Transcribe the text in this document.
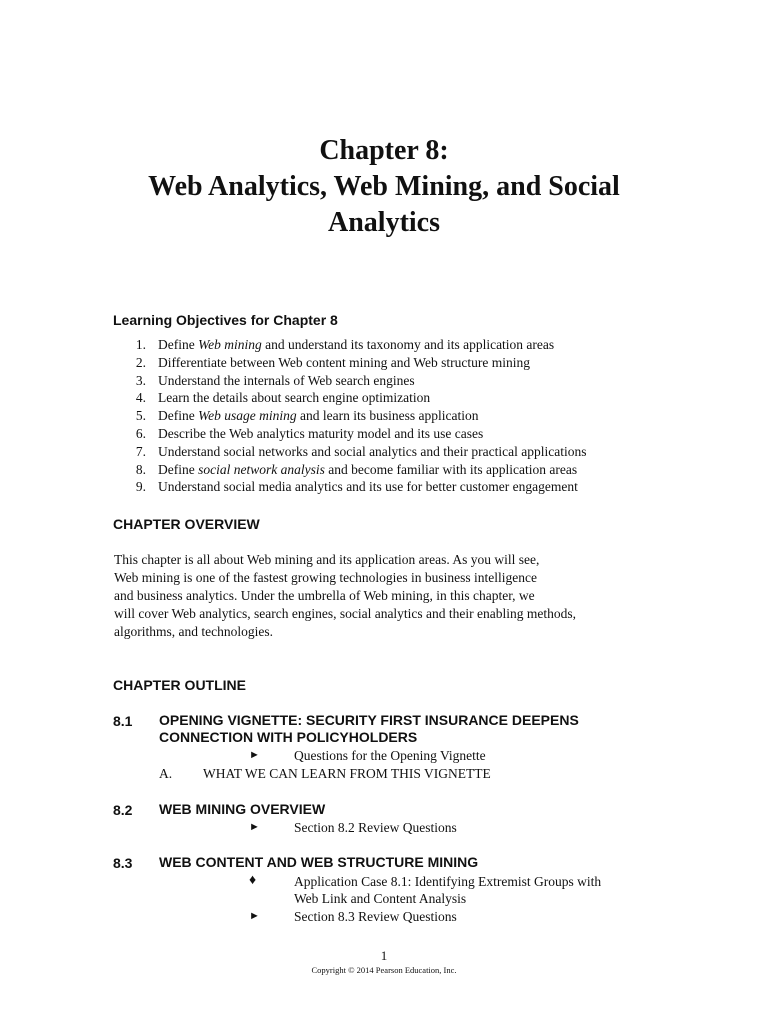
Chapter 8:
Web Analytics, Web Mining, and Social
Analytics
Learning Objectives for Chapter 8
1. Define Web mining and understand its taxonomy and its application areas
2. Differentiate between Web content mining and Web structure mining
3. Understand the internals of Web search engines
4. Learn the details about search engine optimization
5. Define Web usage mining and learn its business application
6. Describe the Web analytics maturity model and its use cases
7. Understand social networks and social analytics and their practical applications
8. Define social network analysis and become familiar with its application areas
9. Understand social media analytics and its use for better customer engagement
CHAPTER OVERVIEW
This chapter is all about Web mining and its application areas. As you will see,
Web mining is one of the fastest growing technologies in business intelligence
and business analytics. Under the umbrella of Web mining, in this chapter, we
will cover Web analytics, search engines, social analytics and their enabling methods,
algorithms, and technologies.
CHAPTER OUTLINE
8.1 OPENING VIGNETTE: SECURITY FIRST INSURANCE DEEPENS
CONNECTION WITH POLICYHOLDERS
►	Questions for the Opening Vignette
A. WHAT WE CAN LEARN FROM THIS VIGNETTE
8.2 WEB MINING OVERVIEW
►	Section 8.2 Review Questions
8.3 WEB CONTENT AND WEB STRUCTURE MINING
♦	Application Case 8.1: Identifying Extremist Groups with
Web Link and Content Analysis
►	Section 8.3 Review Questions
1
Copyright © 2014 Pearson Education, Inc.
